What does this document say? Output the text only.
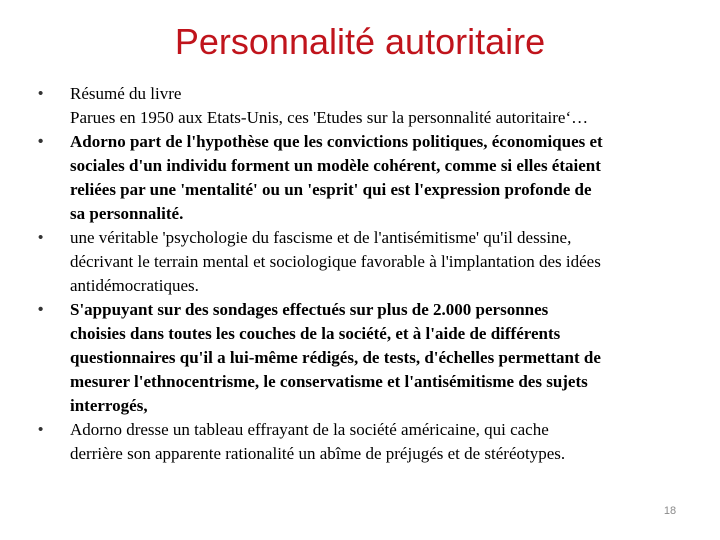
Personnalité autoritaire
• Résumé du livre
Parues en 1950 aux Etats-Unis, ces 'Etudes sur la personnalité autoritaire‘…
• Adorno part de l'hypothèse que les convictions politiques, économiques et
sociales d'un individu forment un modèle cohérent, comme si elles étaient
reliées par une 'mentalité' ou un 'esprit' qui est l'expression profonde de
sa personnalité.
• une véritable 'psychologie du fascisme et de l'antisémitisme' qu'il dessine,
décrivant le terrain mental et sociologique favorable à l'implantation des idées
antidémocratiques.
• S'appuyant sur des sondages effectués sur plus de 2.000 personnes
choisies dans toutes les couches de la société, et à l'aide de différents
questionnaires qu'il a lui-même rédigés, de tests, d'échelles permettant de
mesurer l'ethnocentrisme, le conservatisme et l'antisémitisme des sujets
interrogés,
• Adorno dresse un tableau effrayant de la société américaine, qui cache
derrière son apparente rationalité un abîme de préjugés et de stéréotypes.
18
